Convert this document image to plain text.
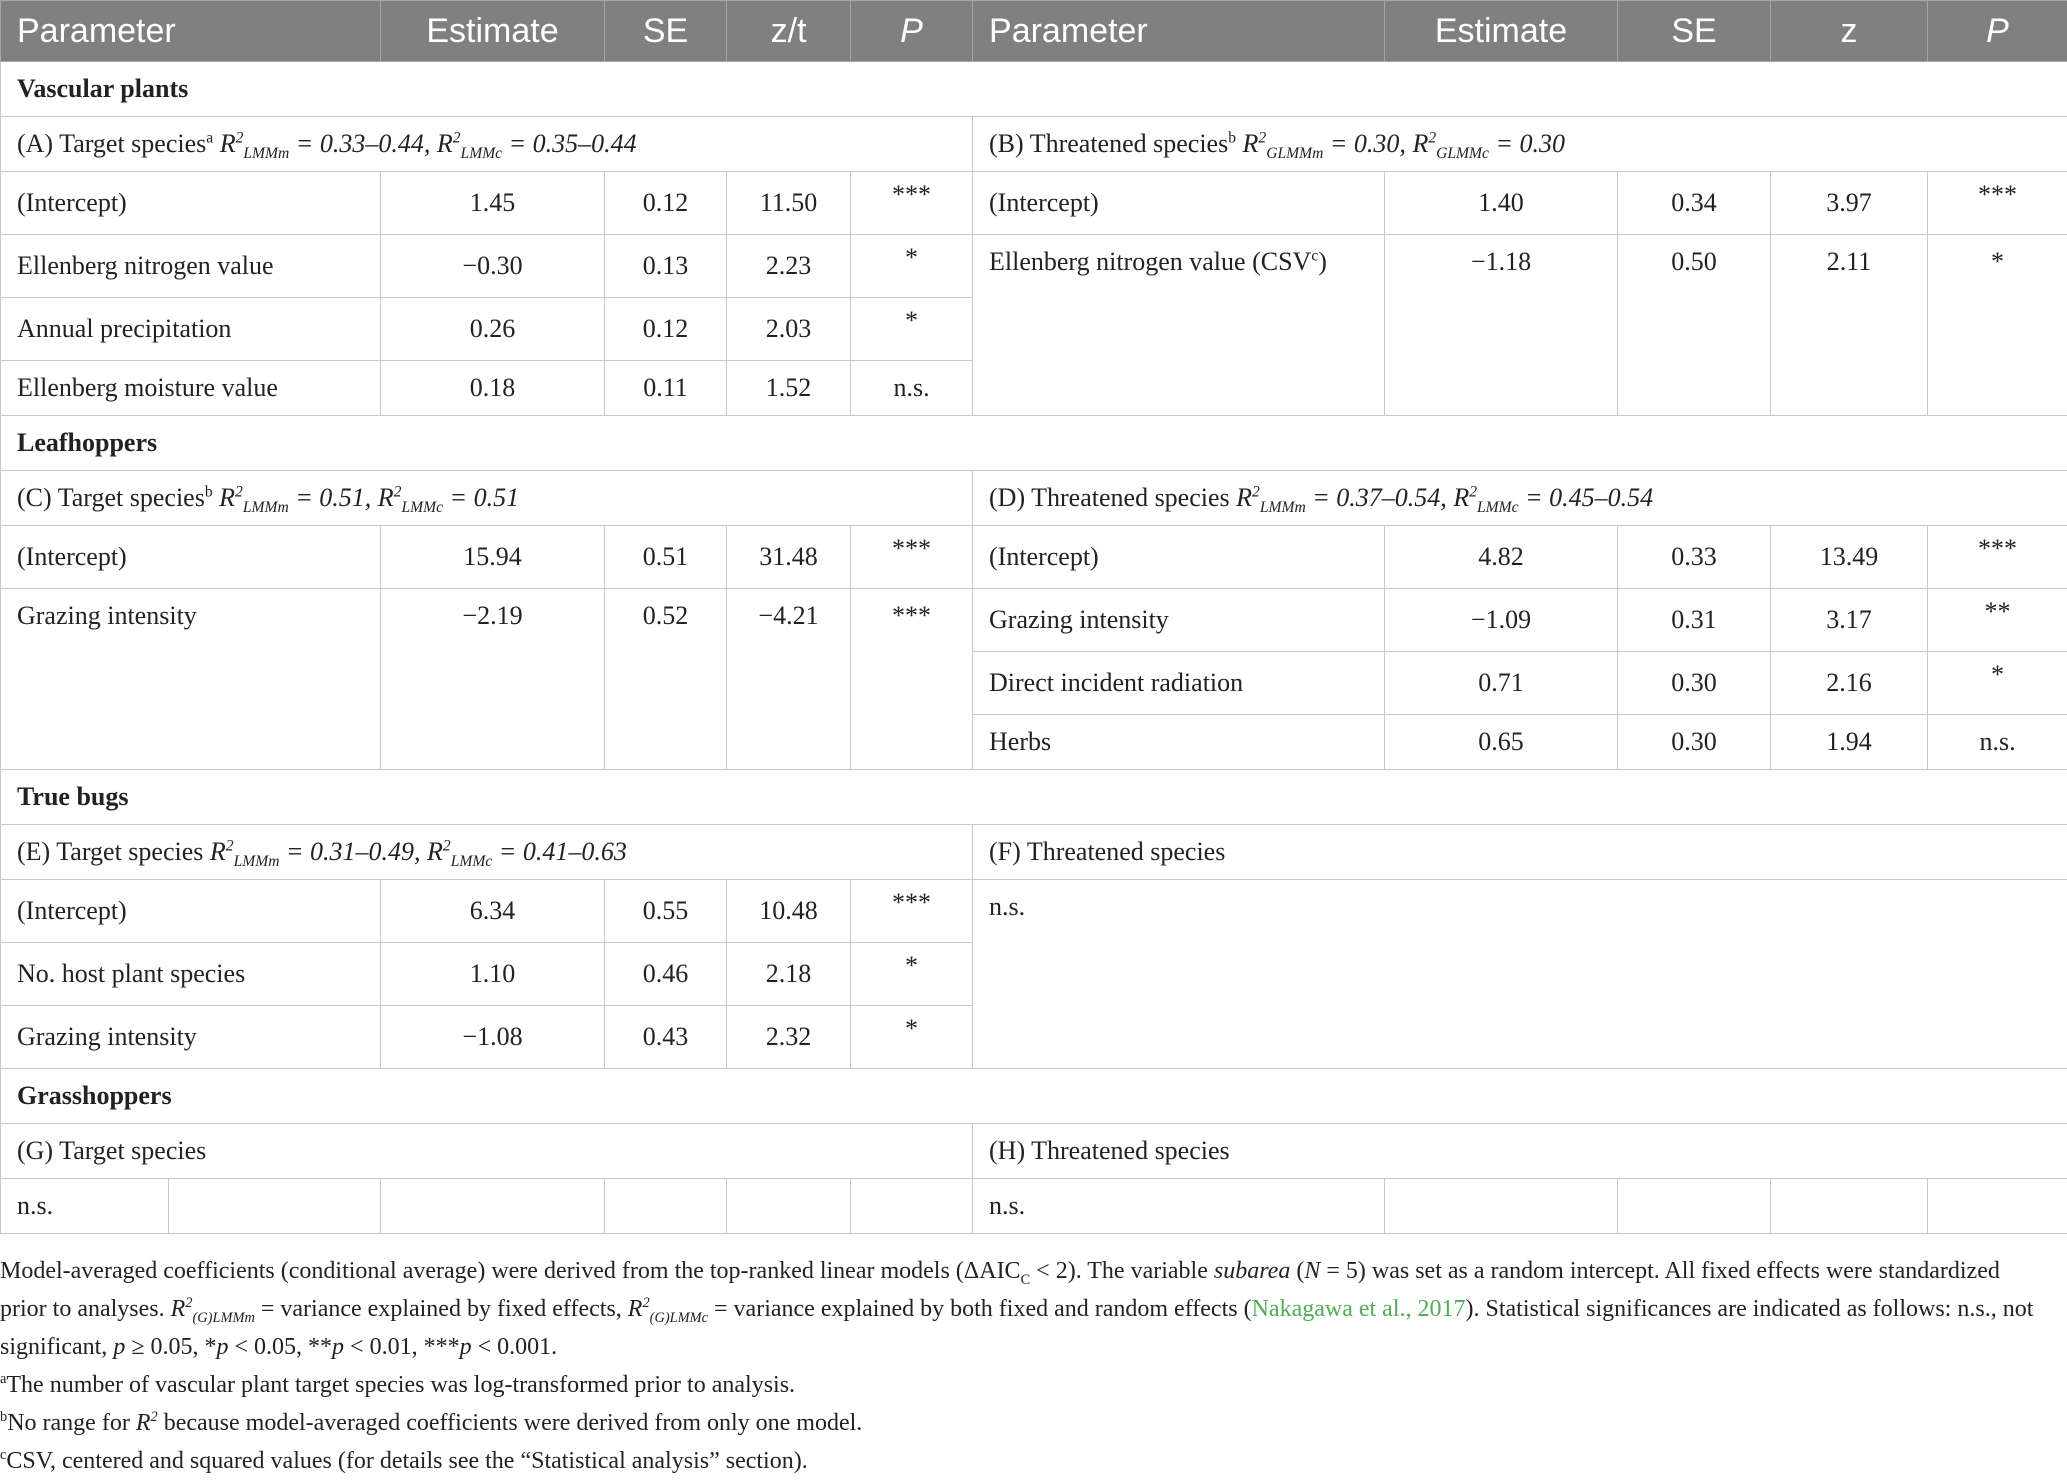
Parameter		Estimate	SE	z/t	P	Parameter	Estimate	SE	z	P
Vascular plants										
(A) Target species$^a$ $R^2_{LMMm} = 0.33-0.44$, $R^2_{LMMc} = 0.35-0.44$						(B) Threatened species$^b$ $R^2_{GLMMm} = 0.30$, $R^2_{GLMMc} = 0.30$				
(Intercept)		1.45	0.12	11.50	***	(Intercept)	1.40	0.34	3.97	***
Ellenberg nitrogen value		−0.30	0.13	2.23	*	Ellenberg nitrogen value $(CSV^c)$	−1.18	0.50	2.11	*
Annual precipitation		0.26	0.12	2.03	*					
Ellenberg moisture value		0.18	0.11	1.52	n.s.					
Leafhoppers										
(C) Target species$^b$ $R^2_{LMMm} = 0.51$, $R^2_{LMMc} = 0.51$						(D) Threatened species $R^2_{LMMm} = 0.37-0.54$, $R^2_{LMMc} = 0.45-0.54$				
(Intercept)		15.94	0.51	31.48	***	(Intercept)	4.82	0.33	13.49	***
Grazing intensity		−2.19	0.52	−4.21	***	Grazing intensity	−1.09	0.31	3.17	**
						Direct incident radiation	0.71	0.30	2.16	*
						Herbs	0.65	0.30	1.94	n.s.
True bugs										
(E) Target species $R^2_{LMMm} = 0.31-0.49$, $R^2_{LMMc} = 0.41-0.63$						(F) Threatened species				
(Intercept)		6.34	0.55	10.48	***	n.s.				
No. host plant species		1.10	0.46	2.18	*					
Grazing intensity		−1.08	0.43	2.32	*					
Grasshoppers										
(G) Target species						(H) Threatened species				
n.s.						n.s.				

Model-averaged coefficients (conditional average) were derived from the top-ranked linear models $(\Delta AIC_C < 2)$. The variable subarea (N = 5) was set as a random intercept. All fixed effects were standardized prior to analyses. $R^2_{(G)LMMm}$ = variance explained by fixed effects, $R^2_{(G)LMMc}$ = variance explained by both fixed and random effects (Nakagawa et al., 2017). Statistical significances are indicated as follows: n.s., not significant, p ≥ 0.05, *p < 0.05, **p < 0.01, ***p < 0.001.

$^a$The number of vascular plant target species was log-transformed prior to analysis.

$^b$No range for $R^2$ because model-averaged coefficients were derived from only one model.

$^c$CSV, centered and squared values (for details see the “Statistical analysis” section).
